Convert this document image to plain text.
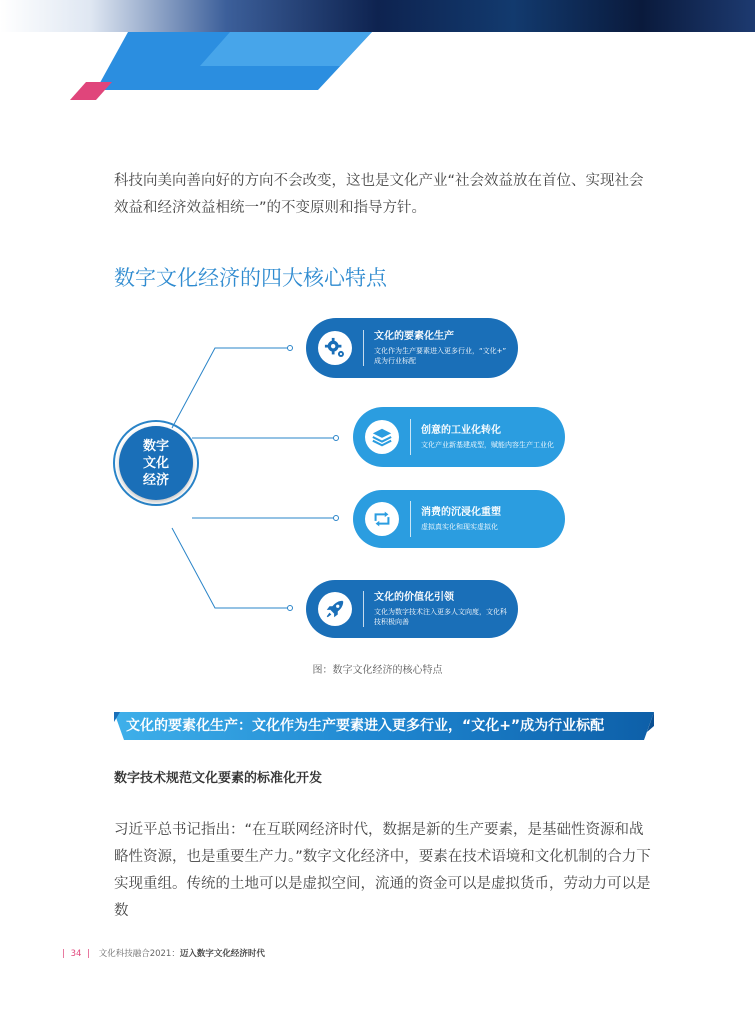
科技向美向善向好的方向不会改变，这也是文化产业“社会效益放在首位、实现社会效益和经济效益相统一”的不变原则和指导方针。
数字文化经济的四大核心特点
数字
文化
经济
文化的要素化生产
文化作为生产要素进入更多行业，“文化+” 成为行业标配
创意的工业化转化
文化产业新基建成型，赋能内容生产工业化
消费的沉浸化重塑
虚拟真实化和现实虚拟化
文化的价值化引领
文化为数字技术注入更多人文向度，文化科技积极向善
图：数字文化经济的核心特点
文化的要素化生产：文化作为生产要素进入更多行业，“文化+”成为行业标配
数字技术规范文化要素的标准化开发
习近平总书记指出：“在互联网经济时代，数据是新的生产要素，是基础性资源和战略性资源，也是重要生产力。”数字文化经济中，要素在技术语境和文化机制的合力下实现重组。传统的土地可以是虚拟空间，流通的资金可以是虚拟货币，劳动力可以是数
| 34 | 文化科技融合2021：迈入数字文化经济时代
